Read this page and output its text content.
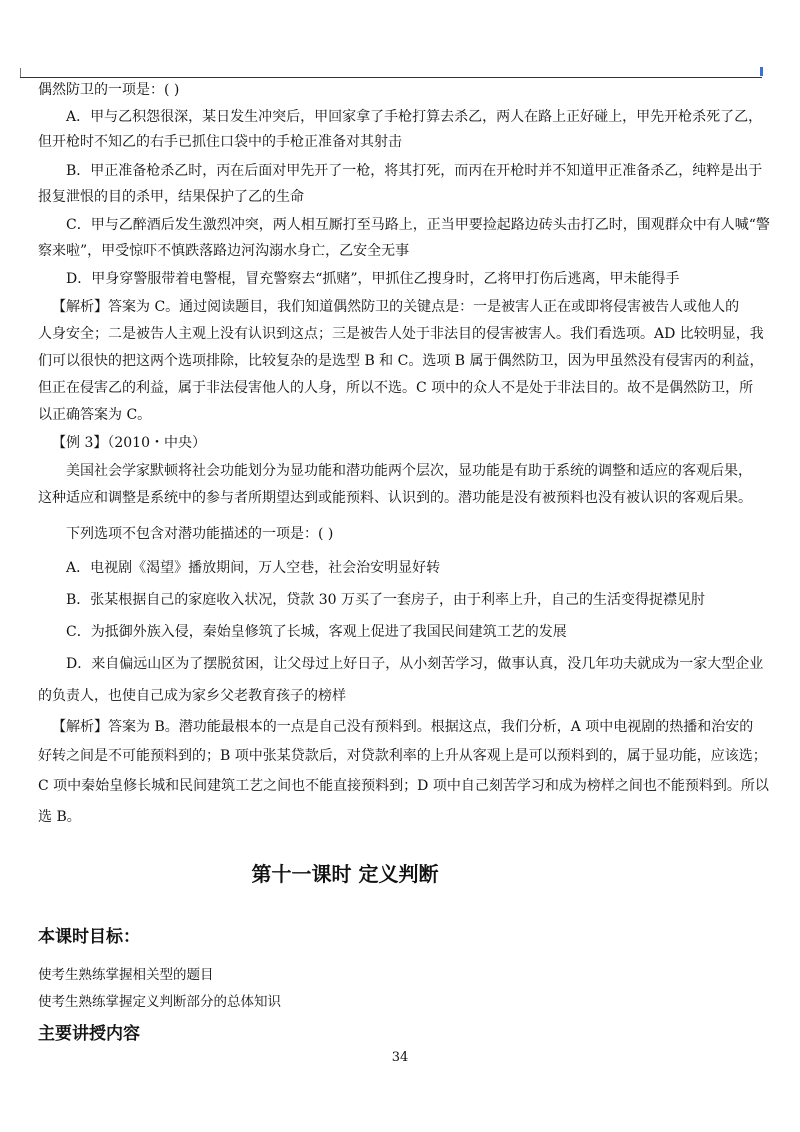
偶然防卫的一项是：( )

A．甲与乙积怨很深，某日发生冲突后，甲回家拿了手枪打算去杀乙，两人在路上正好碰上，甲先开枪杀死了乙，

但开枪时不知乙的右手已抓住口袋中的手枪正准备对其射击

B．甲正准备枪杀乙时，丙在后面对甲先开了一枪，将其打死，而丙在开枪时并不知道甲正准备杀乙，纯粹是出于

报复泄恨的目的杀甲，结果保护了乙的生命

C．甲与乙醉酒后发生激烈冲突，两人相互厮打至马路上，正当甲要捡起路边砖头击打乙时，围观群众中有人喊“警

察来啦”，甲受惊吓不慎跌落路边河沟溺水身亡，乙安全无事

D．甲身穿警服带着电警棍，冒充警察去“抓赌”，甲抓住乙搜身时，乙将甲打伤后逃离，甲未能得手

【解析】答案为 C。通过阅读题目，我们知道偶然防卫的关键点是：一是被害人正在或即将侵害被告人或他人的

人身安全；二是被告人主观上没有认识到这点；三是被告人处于非法目的侵害被害人。我们看选项。AD 比较明显，我

们可以很快的把这两个选项排除，比较复杂的是选型 B 和 C。选项 B 属于偶然防卫，因为甲虽然没有侵害丙的利益，

但正在侵害乙的利益，属于非法侵害他人的人身，所以不选。C 项中的众人不是处于非法目的。故不是偶然防卫，所

以正确答案为 C。

【例 3】（2010・中央）

美国社会学家默顿将社会功能划分为显功能和潜功能两个层次，显功能是有助于系统的调整和适应的客观后果，

这种适应和调整是系统中的参与者所期望达到或能预料、认识到的。潜功能是没有被预料也没有被认识的客观后果。

下列选项不包含对潜功能描述的一项是：( )

A．电视剧《渴望》播放期间，万人空巷，社会治安明显好转

B．张某根据自己的家庭收入状况，贷款 30 万买了一套房子，由于利率上升，自己的生活变得捉襟见肘

C．为抵御外族入侵，秦始皇修筑了长城，客观上促进了我国民间建筑工艺的发展

D．来自偏远山区为了摆脱贫困，让父母过上好日子，从小刻苦学习，做事认真，没几年功夫就成为一家大型企业

的负责人，也使自己成为家乡父老教育孩子的榜样

【解析】答案为 B。潜功能最根本的一点是自己没有预料到。根据这点，我们分析，A 项中电视剧的热播和治安的

好转之间是不可能预料到的；B 项中张某贷款后，对贷款利率的上升从客观上是可以预料到的，属于显功能，应该选；

C 项中秦始皇修长城和民间建筑工艺之间也不能直接预料到；D 项中自己刻苦学习和成为榜样之间也不能预料到。所以

选 B。

第十一课时 定义判断
本课时目标：

使考生熟练掌握相关型的题目

使考生熟练掌握定义判断部分的总体知识

主要讲授内容
34
